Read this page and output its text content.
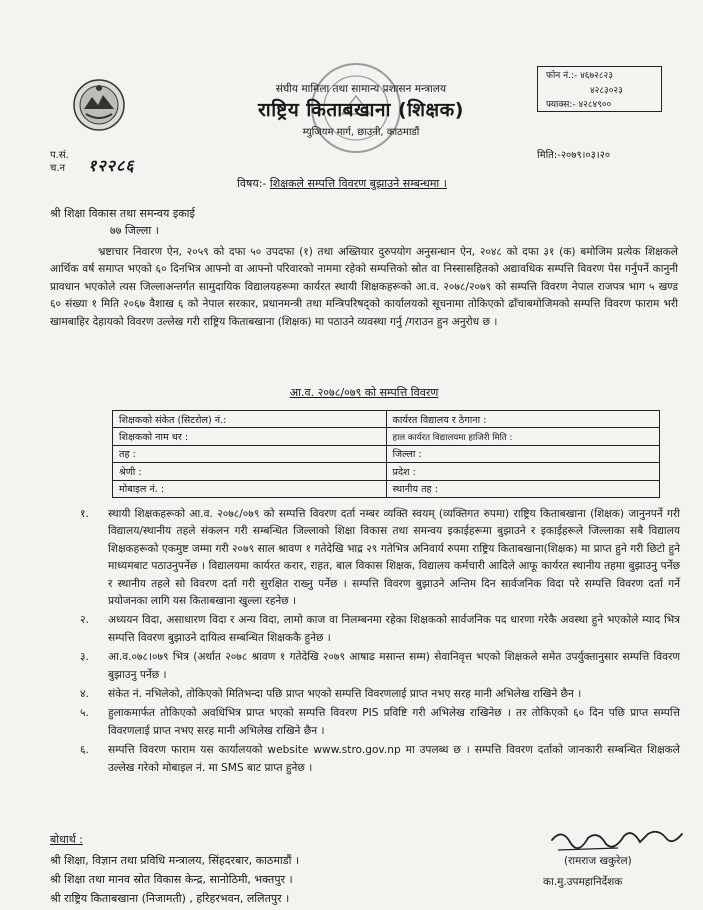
संघीय मामिला तथा सामान्य प्रशासन मन्त्रालय
राष्ट्रिय किताबखाना (शिक्षक)
म्युजियम मार्ग, छाउनी, काठमाडौं
फोन नं.:- ४६७२८२३
४२८३०२३
फ्याक्स:- ४२८४९००
मिति:-२०७९।०३।२०
प.सं.
च.न १२२८६
विषय:- शिक्षकले सम्पत्ति विवरण बुझाउने सम्बन्धमा ।
श्री शिक्षा विकास तथा समन्वय इकाई
७७ जिल्ला ।
भ्रष्टाचार निवारण ऐन, २०५९ को दफा ५० उपदफा (१) तथा अख्तियार दुरुपयोग अनुसन्धान ऐन, २०४८ को दफा ३१ (क) बमोजिम प्रत्येक शिक्षकले आर्थिक वर्ष समाप्त भएको ६० दिनभित्र आफ्नो वा आफ्नो परिवारको नाममा रहेको सम्पत्तिको स्रोत वा निस्सासहितको अद्यावधिक सम्पत्ति विवरण पेस गर्नुपर्ने कानुनी प्रावधान भएकोले त्यस जिल्लाअन्तर्गत सामुदायिक विद्यालयहरूमा कार्यरत स्थायी शिक्षकहरूको आ.व. २०७८/२०७९ को सम्पत्ति विवरण नेपाल राजपत्र भाग ५ खण्ड ६० संख्या १ मिति २०६७ वैशाख ६ को नेपाल सरकार, प्रधानमन्त्री तथा मन्त्रिपरिषद्को कार्यालयको सूचनामा तोकिएको ढाँचाबमोजिमको सम्पत्ति विवरण फाराम भरी खामबाहिर देहायको विवरण उल्लेख गरी राष्ट्रिय किताबखाना (शिक्षक) मा पठाउने व्यवस्था गर्नु /गराउन हुन अनुरोध छ ।
आ.व. २०७८/०७९ को सम्पत्ति विवरण
शिक्षकको संकेत (सिटरोल) नं.:	कार्यरत विद्यालय र ठेगाना :
शिक्षकको नाम थर :	हाल कार्यरत विद्यालयमा हाजिरी मिति :
तह :	जिल्ला :
श्रेणी :	प्रदेश :
मोबाइल नं. :	स्थानीय तह :
१. स्थायी शिक्षकहरूको आ.व. २०७८/०७९ को सम्पत्ति विवरण दर्ता नम्बर व्यक्ति स्वयम् (व्यक्तिगत रुपमा) राष्ट्रिय किताबखाना (शिक्षक) जानुनपर्ने गरी विद्यालय/स्थानीय तहले संकलन गरी सम्बन्धित जिल्लाको शिक्षा विकास तथा समन्वय इकाईहरूमा बुझाउने र इकाईहरूले जिल्लाका सबै विद्यालय शिक्षकहरूको एकमुष्ट जम्मा गरी २०७९ साल श्रावण १ गतेदेखि भाद्र २९ गतेभित्र अनिवार्य रुपमा राष्ट्रिय किताबखाना(शिक्षक) मा प्राप्त हुने गरी छिटो हुने माध्यमबाट पठाउनुपर्नेछ । विद्यालयमा कार्यरत करार, राहत, बाल विकास शिक्षक, विद्यालय कर्मचारी आदिले आफू कार्यरत स्थानीय तहमा बुझाउनु पर्नेछ र स्थानीय तहले सो विवरण दर्ता गरी सुरक्षित राख्नु पर्नेछ । सम्पत्ति विवरण बुझाउने अन्तिम दिन सार्वजनिक विदा परे सम्पत्ति विवरण दर्ता गर्ने प्रयोजनका लागि यस किताबखाना खुल्ला रहनेछ ।
२. अध्ययन विदा, असाधारण विदा र अन्य विदा, लामो काज वा निलम्बनमा रहेका शिक्षकको सार्वजनिक पद धारणा गरेकै अवस्था हुने भएकोले म्याद भित्र सम्पत्ति विवरण बुझाउने दायित्व सम्बन्धित शिक्षककै हुनेछ ।
३. आ.व.०७८।०७९ भित्र (अर्थात २०७८ श्रावण १ गतेदेखि २०७९ आषाढ मसान्त सम्म) सेवानिवृत्त भएको शिक्षकले समेत उपर्युक्तानुसार सम्पत्ति विवरण बुझाउनु पर्नेछ ।
४. संकेत नं. नभिलेको, तोकिएको मितिभन्दा पछि प्राप्त भएको सम्पत्ति विवरणलाई प्राप्त नभए सरह मानी अभिलेख राखिने छैन ।
५. हुलाकमार्फत तोकिएको अवधिभित्र प्राप्त भएको सम्पत्ति विवरण PIS प्रविष्टि गरी अभिलेख राखिनेछ । तर तोकिएको ६० दिन पछि प्राप्त सम्पत्ति विवरणलाई प्राप्त नभए सरह मानी अभिलेख राखिने छैन ।
६. सम्पत्ति विवरण फाराम यस कार्यालयको website www.stro.gov.np मा उपलब्ध छ । सम्पत्ति विवरण दर्ताको जानकारी सम्बन्धित शिक्षकले उल्लेख गरेको मोबाइल नं. मा SMS बाट प्राप्त हुनेछ ।
बोधार्थ :
श्री शिक्षा, विज्ञान तथा प्रविधि मन्त्रालय, सिंहदरबार, काठमाडौं ।
श्री शिक्षा तथा मानव स्रोत विकास केन्द्र, सानोठिमी, भक्तपुर ।
श्री राष्ट्रिय किताबखाना (निजामती) , हरिहरभवन, ललितपुर ।
(रामराज खकुरेल)
का.मु.उपमहानिर्देशक
